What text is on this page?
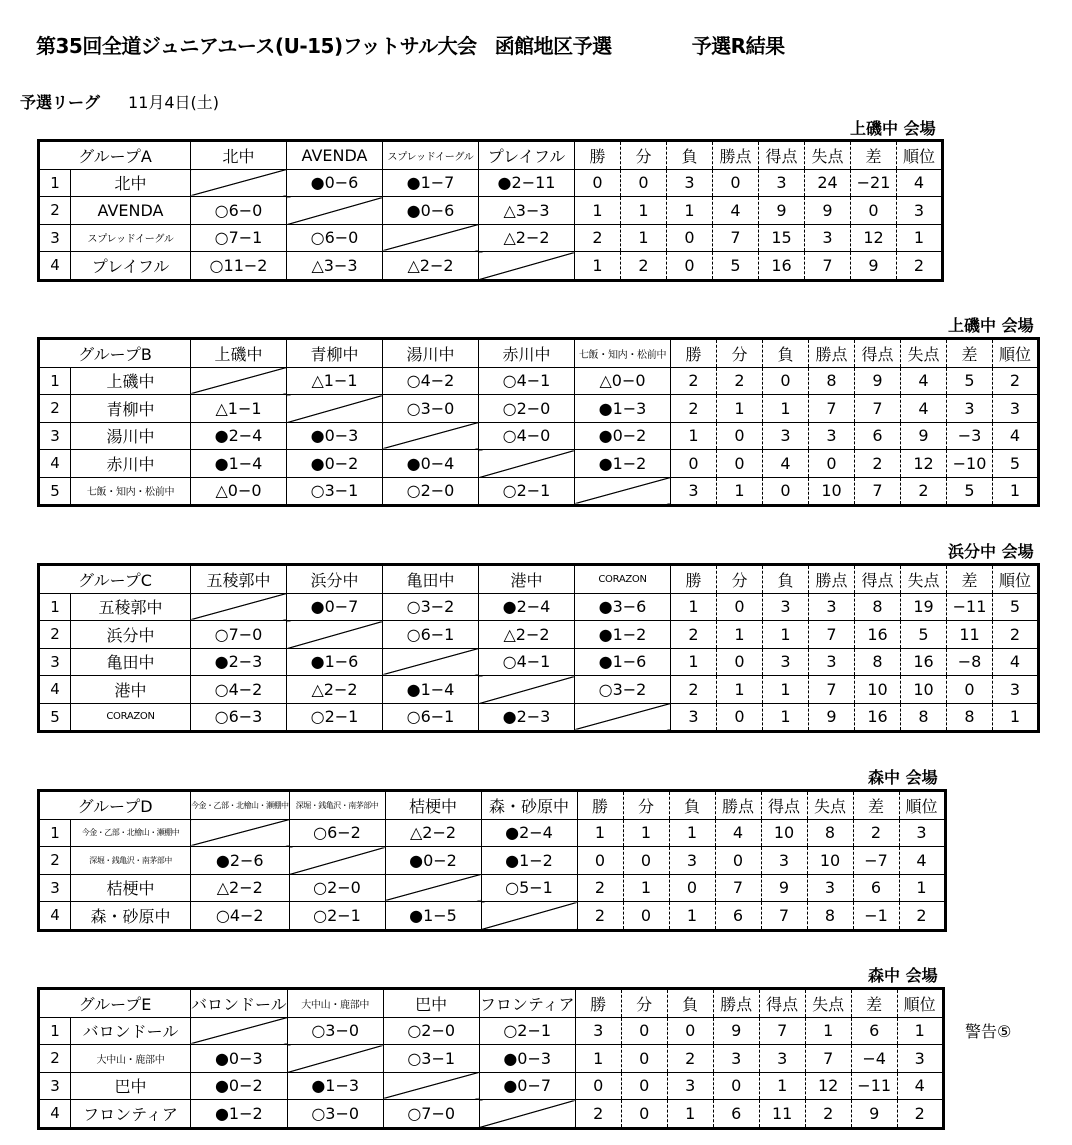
第35回全道ジュニアユース(U-15)フットサル大会 函館地区予選	予選R結果
予選リーグ 11月4日(土)
上磯中 会場
グループA		北中	AVENDA	スプレッドイーグル	プレイフル	勝	分	負	勝点	得点	失点	差	順位
1	北中		●0−6	●1−7	●2−11	0	0	3	0	3	24	−21	4
2	AVENDA	○6−0		●0−6	△3−3	1	1	1	4	9	9	0	3
3	スプレッドイーグル	○7−1	○6−0		△2−2	2	1	0	7	15	3	12	1
4	プレイフル	○11−2	△3−3	△2−2		1	2	0	5	16	7	9	2
上磯中 会場
グループB		上磯中	青柳中	湯川中	赤川中	七飯・知内・松前中	勝	分	負	勝点	得点	失点	差	順位
1	上磯中		△1−1	○4−2	○4−1	△0−0	2	2	0	8	9	4	5	2
2	青柳中	△1−1		○3−0	○2−0	●1−3	2	1	1	7	7	4	3	3
3	湯川中	●2−4	●0−3		○4−0	●0−2	1	0	3	3	6	9	−3	4
4	赤川中	●1−4	●0−2	●0−4		●1−2	0	0	4	0	2	12	−10	5
5	七飯・知内・松前中	△0−0	○3−1	○2−0	○2−1		3	1	0	10	7	2	5	1
浜分中 会場
グループC		五稜郭中	浜分中	亀田中	港中	CORAZON	勝	分	負	勝点	得点	失点	差	順位
1	五稜郭中		●0−7	○3−2	●2−4	●3−6	1	0	3	3	8	19	−11	5
2	浜分中	○7−0		○6−1	△2−2	●1−2	2	1	1	7	16	5	11	2
3	亀田中	●2−3	●1−6		○4−1	●1−6	1	0	3	3	8	16	−8	4
4	港中	○4−2	△2−2	●1−4		○3−2	2	1	1	7	10	10	0	3
5	CORAZON	○6−3	○2−1	○6−1	●2−3		3	0	1	9	16	8	8	1
森中 会場
グループD		今金・乙部・北檜山・瀬棚中	深堀・銭亀沢・南茅部中	桔梗中	森・砂原中	勝	分	負	勝点	得点	失点	差	順位
1	今金・乙部・北檜山・瀬棚中		○6−2	△2−2	●2−4	1	1	1	4	10	8	2	3
2	深堀・銭亀沢・南茅部中	●2−6		●0−2	●1−2	0	0	3	0	3	10	−7	4
3	桔梗中	△2−2	○2−0		○5−1	2	1	0	7	9	3	6	1
4	森・砂原中	○4−2	○2−1	●1−5		2	0	1	6	7	8	−1	2
森中 会場
グループE		バロンドール	大中山・鹿部中	巴中	フロンティア	勝	分	負	勝点	得点	失点	差	順位
1	バロンドール		○3−0	○2−0	○2−1	3	0	0	9	7	1	6	1
2	大中山・鹿部中	●0−3		○3−1	●0−3	1	0	2	3	3	7	−4	3
3	巴中	●0−2	●1−3		●0−7	0	0	3	0	1	12	−11	4
4	フロンティア	●1−2	○3−0	○7−0		2	0	1	6	11	2	9	2
警告⑤
